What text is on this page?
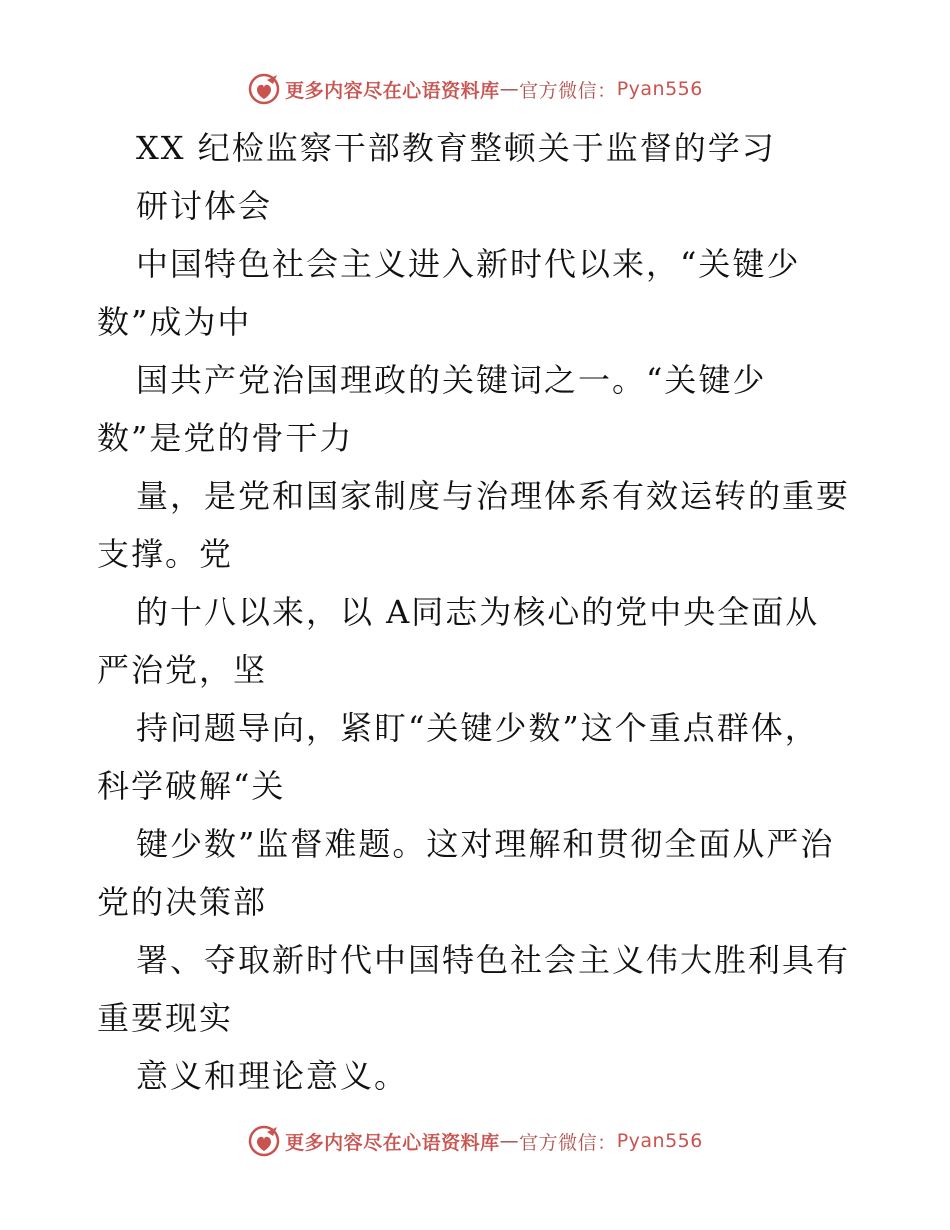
更多内容尽在心语资料库 — 官方微信： Pyan556
XX 纪检监察干部教育整顿关于监督的学习
研讨体会
中国特色社会主义进入新时代以来，“关键少
数”成为中
国共产党治国理政的关键词之一。“关键少
数”是党的骨干力
量，是党和国家制度与治理体系有效运转的重要
支撑。党
的十八以来，以 A同志为核心的党中央全面从
严治党，坚
持问题导向，紧盯“关键少数”这个重点群体，
科学破解“关
键少数”监督难题。这对理解和贯彻全面从严治
党的决策部
署、夺取新时代中国特色社会主义伟大胜利具有
重要现实
意义和理论意义。
更多内容尽在心语资料库 — 官方微信： Pyan556
